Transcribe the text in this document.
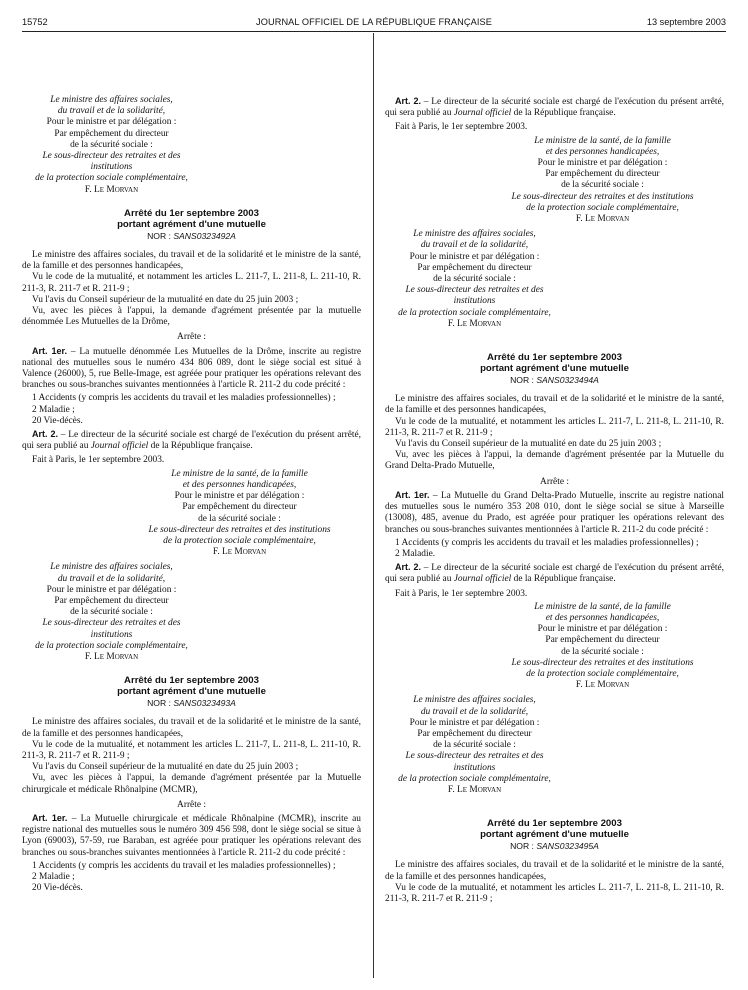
15752	JOURNAL OFFICIEL DE LA RÉPUBLIQUE FRANÇAISE	13 septembre 2003
Le ministre des affaires sociales,
du travail et de la solidarité,
Pour le ministre et par délégation :
Par empêchement du directeur
de la sécurité sociale :
Le sous-directeur des retraites et des institutions
de la protection sociale complémentaire,
F. Le Morvan
Arrêté du 1er septembre 2003
portant agrément d'une mutuelle
NOR : SANS0323492A

Le ministre des affaires sociales, du travail et de la solidarité et le ministre de la santé, de la famille et des personnes handicapées,

Vu le code de la mutualité, et notamment les articles L. 211-7, L. 211-8, L. 211-10, R. 211-3, R. 211-7 et R. 211-9 ;

Vu l'avis du Conseil supérieur de la mutualité en date du 25 juin 2003 ;

Vu, avec les pièces à l'appui, la demande d'agrément présentée par la mutuelle dénommée Les Mutuelles de la Drôme,

Arrête :

Art. 1er. – La mutuelle dénommée Les Mutuelles de la Drôme, inscrite au registre national des mutuelles sous le numéro 434 806 089, dont le siège social est situé à Valence (26000), 5, rue Belle-Image, est agréée pour pratiquer les opérations relevant des branches ou sous-branches suivantes mentionnées à l'article R. 211-2 du code précité :

1 Accidents (y compris les accidents du travail et les maladies professionnelles) ;
2 Maladie ;
20 Vie-décès.

Art. 2. – Le directeur de la sécurité sociale est chargé de l'exécution du présent arrêté, qui sera publié au Journal officiel de la République française.

Fait à Paris, le 1er septembre 2003.

Le ministre de la santé, de la famille
et des personnes handicapées,
Pour le ministre et par délégation :
Par empêchement du directeur
de la sécurité sociale :
Le sous-directeur des retraites et des institutions
de la protection sociale complémentaire,
F. Le Morvan
Le ministre des affaires sociales,
du travail et de la solidarité,
Pour le ministre et par délégation :
Par empêchement du directeur
de la sécurité sociale :
Le sous-directeur des retraites et des institutions
de la protection sociale complémentaire,
F. Le Morvan
Arrêté du 1er septembre 2003
portant agrément d'une mutuelle
NOR : SANS0323493A

Le ministre des affaires sociales, du travail et de la solidarité et le ministre de la santé, de la famille et des personnes handicapées,

Vu le code de la mutualité, et notamment les articles L. 211-7, L. 211-8, L. 211-10, R. 211-3, R. 211-7 et R. 211-9 ;

Vu l'avis du Conseil supérieur de la mutualité en date du 25 juin 2003 ;

Vu, avec les pièces à l'appui, la demande d'agrément présentée par la Mutuelle chirurgicale et médicale Rhônalpine (MCMR),

Arrête :

Art. 1er. – La Mutuelle chirurgicale et médicale Rhônalpine (MCMR), inscrite au registre national des mutuelles sous le numéro 309 456 598, dont le siège social se situe à Lyon (69003), 57-59, rue Baraban, est agréée pour pratiquer les opérations relevant des branches ou sous-branches suivantes mentionnées à l'article R. 211-2 du code précité :

1 Accidents (y compris les accidents du travail et les maladies professionnelles) ;
2 Maladie ;
20 Vie-décès.

Art. 2. – Le directeur de la sécurité sociale est chargé de l'exécution du présent arrêté, qui sera publié au Journal officiel de la République française.

Fait à Paris, le 1er septembre 2003.

Le ministre de la santé, de la famille
et des personnes handicapées,
Pour le ministre et par délégation :
Par empêchement du directeur
de la sécurité sociale :
Le sous-directeur des retraites et des institutions
de la protection sociale complémentaire,
F. Le Morvan
Le ministre des affaires sociales,
du travail et de la solidarité,
Pour le ministre et par délégation :
Par empêchement du directeur
de la sécurité sociale :
Le sous-directeur des retraites et des institutions
de la protection sociale complémentaire,
F. Le Morvan
Arrêté du 1er septembre 2003
portant agrément d'une mutuelle
NOR : SANS0323494A

Le ministre des affaires sociales, du travail et de la solidarité et le ministre de la santé, de la famille et des personnes handicapées,

Vu le code de la mutualité, et notamment les articles L. 211-7, L. 211-8, L. 211-10, R. 211-3, R. 211-7 et R. 211-9 ;

Vu l'avis du Conseil supérieur de la mutualité en date du 25 juin 2003 ;

Vu, avec les pièces à l'appui, la demande d'agrément présentée par la Mutuelle du Grand Delta-Prado Mutuelle,

Arrête :

Art. 1er. – La Mutuelle du Grand Delta-Prado Mutuelle, inscrite au registre national des mutuelles sous le numéro 353 208 010, dont le siège social se situe à Marseille (13008), 485, avenue du Prado, est agréée pour pratiquer les opérations relevant des branches ou sous-branches suivantes mentionnées à l'article R. 211-2 du code précité :

1 Accidents (y compris les accidents du travail et les maladies professionnelles) ;
2 Maladie.

Art. 2. – Le directeur de la sécurité sociale est chargé de l'exécution du présent arrêté, qui sera publié au Journal officiel de la République française.

Fait à Paris, le 1er septembre 2003.

Le ministre de la santé, de la famille
et des personnes handicapées,
Pour le ministre et par délégation :
Par empêchement du directeur
de la sécurité sociale :
Le sous-directeur des retraites et des institutions
de la protection sociale complémentaire,
F. Le Morvan
Le ministre des affaires sociales,
du travail et de la solidarité,
Pour le ministre et par délégation :
Par empêchement du directeur
de la sécurité sociale :
Le sous-directeur des retraites et des institutions
de la protection sociale complémentaire,
F. Le Morvan
Arrêté du 1er septembre 2003
portant agrément d'une mutuelle
NOR : SANS0323495A

Le ministre des affaires sociales, du travail et de la solidarité et le ministre de la santé, de la famille et des personnes handicapées,

Vu le code de la mutualité, et notamment les articles L. 211-7, L. 211-8, L. 211-10, R. 211-3, R. 211-7 et R. 211-9 ;
